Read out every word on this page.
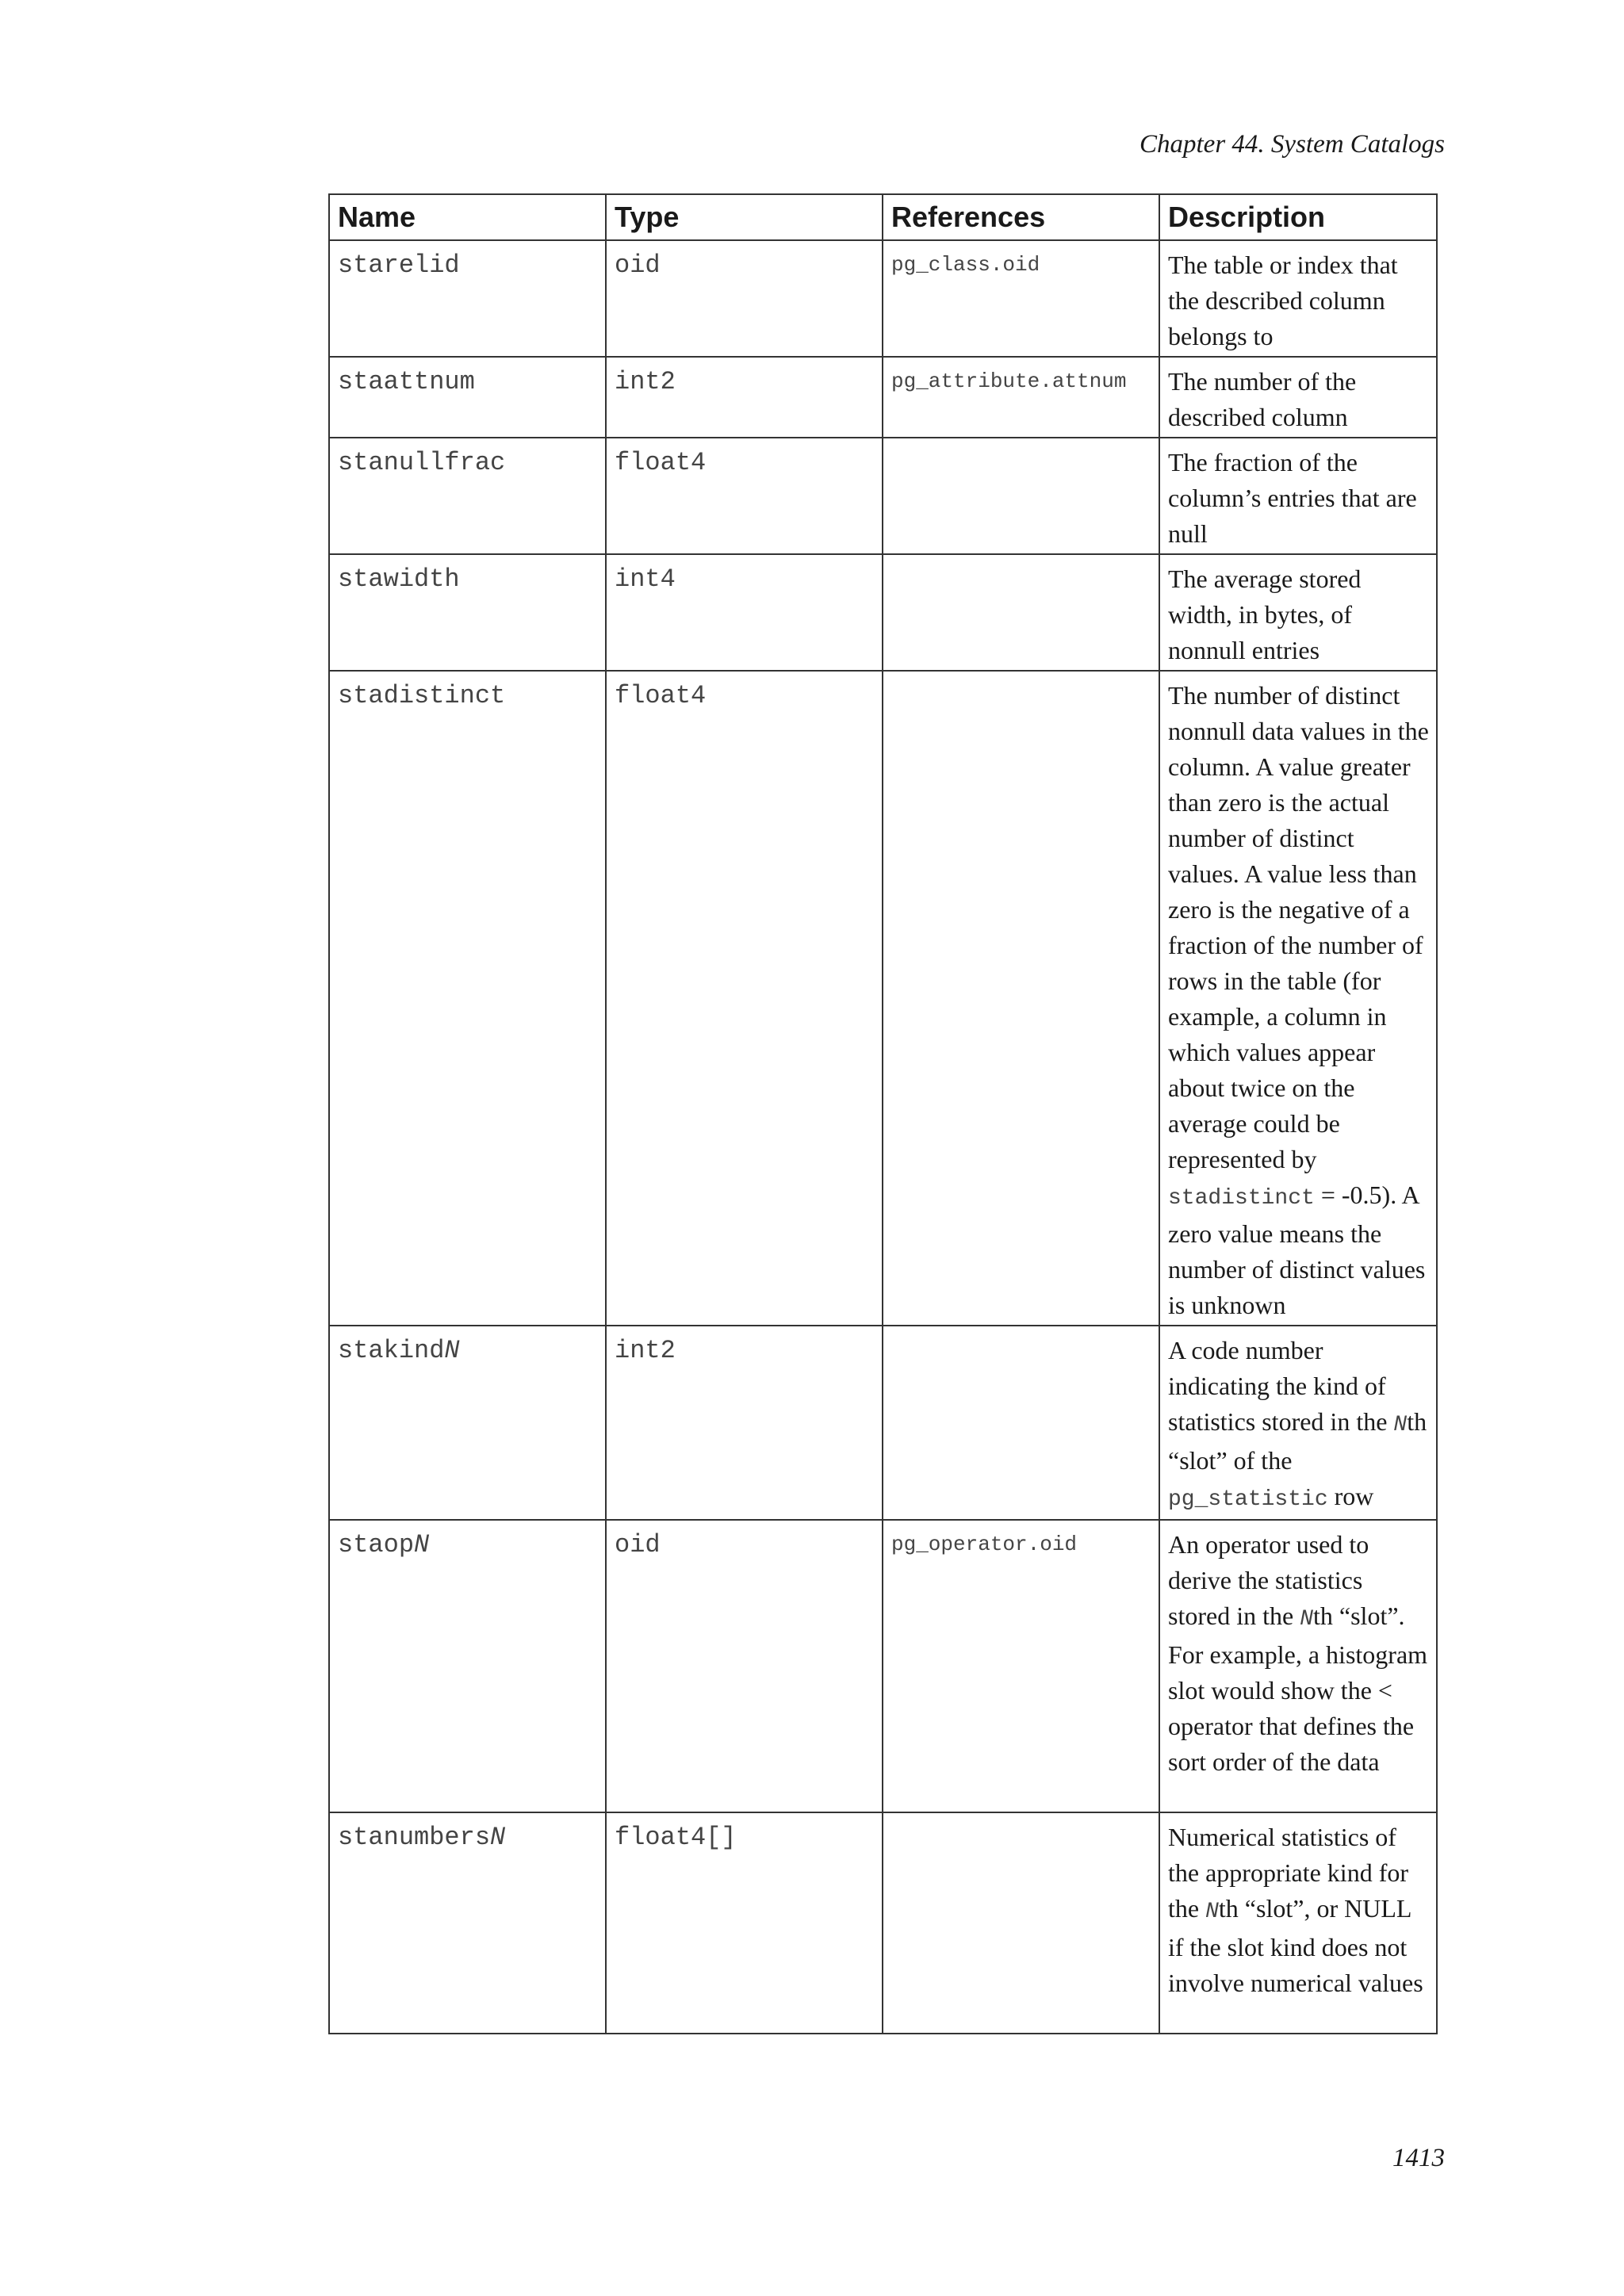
Chapter 44. System Catalogs

Name	Type	References	Description
starelid	oid	pg_class.oid	The table or index that the described column belongs to
staattnum	int2	pg_attribute.attnum	The number of the described column
stanullfrac	float4		The fraction of the column’s entries that are null
stawidth	int4		The average stored width, in bytes, of nonnull entries
stadistinct	float4		The number of distinct nonnull data values in the column. A value greater than zero is the actual number of distinct values. A value less than zero is the negative of a fraction of the number of rows in the table (for example, a column in which values appear about twice on the average could be represented by stadistinct = -0.5). A zero value means the number of distinct values is unknown
stakindN	int2		A code number indicating the kind of statistics stored in the Nth “slot” of the pg_statistic row
staopN	oid	pg_operator.oid	An operator used to derive the statistics stored in the Nth “slot”. For example, a histogram slot would show the < operator that defines the sort order of the data
stanumbersN	float4[]		Numerical statistics of the appropriate kind for the Nth “slot”, or NULL if the slot kind does not involve numerical values

1413
